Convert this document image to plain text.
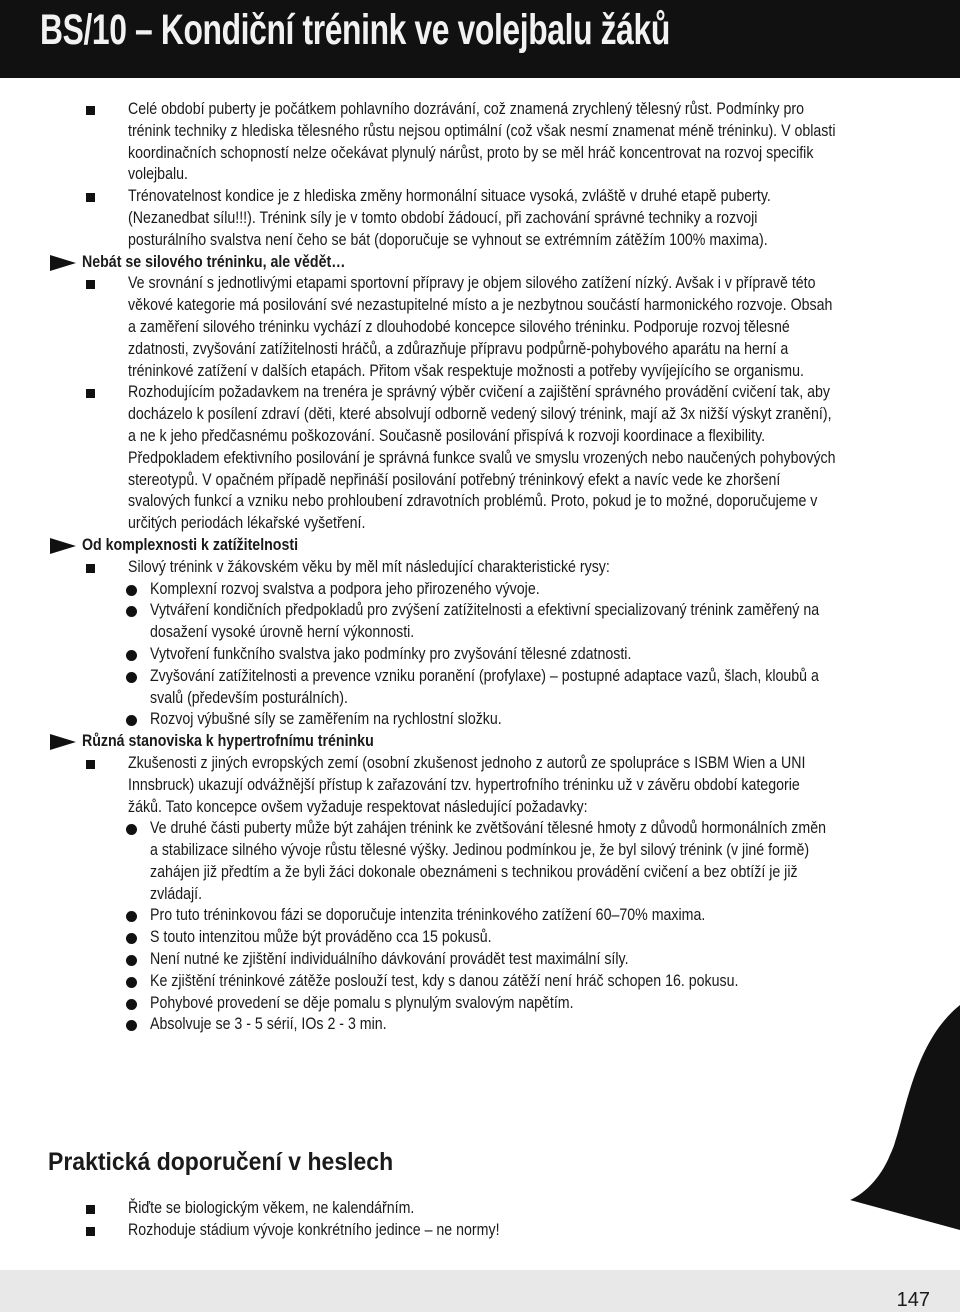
BS/10 – Kondiční trénink ve volejbalu žáků
Celé období puberty je počátkem pohlavního dozrávání, což znamená zrychlený tělesný růst. Podmínky pro trénink techniky z hlediska tělesného růstu nejsou optimální (což však nesmí znamenat méně tréninku). V oblasti koordinačních schopností nelze očekávat plynulý nárůst, proto by se měl hráč koncentrovat na rozvoj specifik volejbalu.
Trénovatelnost kondice je z hlediska změny hormonální situace vysoká, zvláště v druhé etapě puberty. (Nezanedbat sílu!!!). Trénink síly je v tomto období žádoucí, při zachování správné techniky a rozvoji posturálního svalstva není čeho se bát (doporučuje se vyhnout se extrémním zátěžím 100% maxima).
Nebát se silového tréninku, ale vědět…
Ve srovnání s jednotlivými etapami sportovní přípravy je objem silového zatížení nízký. Avšak i v přípravě této věkové kategorie má posilování své nezastupitelné místo a je nezbytnou součástí harmonického rozvoje. Obsah a zaměření silového tréninku vychází z dlouhodobé koncepce silového tréninku. Podporuje rozvoj tělesné zdatnosti, zvyšování zatížitelnosti hráčů, a zdůrazňuje přípravu podpůrně-pohybového aparátu na herní a tréninkové zatížení v dalších etapách. Přitom však respektuje možnosti a potřeby vyvíjejícího se organismu.
Rozhodujícím požadavkem na trenéra je správný výběr cvičení a zajištění správného provádění cvičení tak, aby docházelo k posílení zdraví (děti, které absolvují odborně vedený silový trénink, mají až 3x nižší výskyt zranění), a ne k jeho předčasnému poškozování. Současně posilování přispívá k rozvoji koordinace a flexibility. Předpokladem efektivního posilování je správná funkce svalů ve smyslu vrozených nebo naučených pohybových stereotypů. V opačném případě nepřináší posilování potřebný tréninkový efekt a navíc vede ke zhoršení svalových funkcí a vzniku nebo prohloubení zdravotních problémů. Proto, pokud je to možné, doporučujeme v určitých periodách lékařské vyšetření.
Od komplexnosti k zatížitelnosti
Silový trénink v žákovském věku by měl mít následující charakteristické rysy:
Komplexní rozvoj svalstva a podpora jeho přirozeného vývoje.
Vytváření kondičních předpokladů pro zvýšení zatížitelnosti a efektivní specializovaný trénink zaměřený na dosažení vysoké úrovně herní výkonnosti.
Vytvoření funkčního svalstva jako podmínky pro zvyšování tělesné zdatnosti.
Zvyšování zatížitelnosti a prevence vzniku poranění (profylaxe) – postupné adaptace vazů, šlach, kloubů a svalů (především posturálních).
Rozvoj výbušné síly se zaměřením na rychlostní složku.
Různá stanoviska k hypertrofnímu tréninku
Zkušenosti z jiných evropských zemí (osobní zkušenost jednoho z autorů ze spolupráce s ISBM Wien a UNI Innsbruck) ukazují odvážnější přístup k zařazování tzv. hypertrofního tréninku už v závěru období kategorie žáků. Tato koncepce ovšem vyžaduje respektovat následující požadavky:
Ve druhé části puberty může být zahájen trénink ke zvětšování tělesné hmoty z důvodů hormonálních změn a stabilizace silného vývoje růstu tělesné výšky. Jedinou podmínkou je, že byl silový trénink (v jiné formě) zahájen již předtím a že byli žáci dokonale obeznámeni s technikou provádění cvičení a bez obtíží je již zvládají.
Pro tuto tréninkovou fázi se doporučuje intenzita tréninkového zatížení 60–70% maxima.
S touto intenzitou může být prováděno cca 15 pokusů.
Není nutné ke zjištění individuálního dávkování provádět test maximální síly.
Ke zjištění tréninkové zátěže poslouží test, kdy s danou zátěží není hráč schopen 16. pokusu.
Pohybové provedení se děje pomalu s plynulým svalovým napětím.
Absolvuje se 3 - 5 sérií, IOs 2 - 3 min.
Praktická doporučení v heslech
Řiďte se biologickým věkem, ne kalendářním.
Rozhoduje stádium vývoje konkrétního jedince – ne normy!
147
